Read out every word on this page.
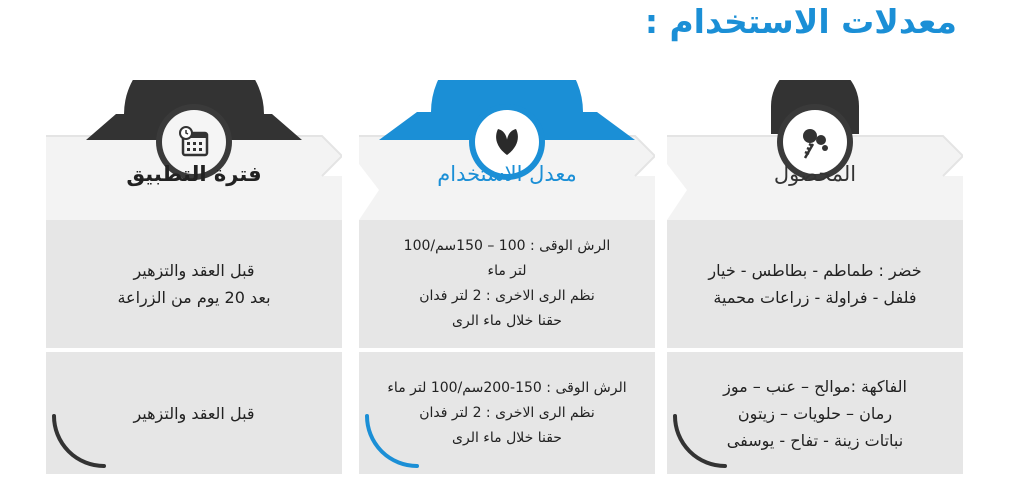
معدلات الاستخدام :
المحصول

خضر : طماطم - بطاطس - خيار
فلفل - فراولة - زراعات محمية

الفاكهة :موالح – عنب – موز
رمان – حلويات – زيتون
نباتات زينة - تفاح - يوسفى

معدل الاستخدام

الرش الوقى : 100 – 150سم/100
لتر ماء
نظم الرى الاخرى : 2 لتر فدان
حقنا خلال ماء الرى

الرش الوقى : 150-200سم/100 لتر ماء
نظم الرى الاخرى : 2 لتر فدان
حقنا خلال ماء الرى

فترة التطبيق

قبل العقد والتزهير
بعد 20 يوم من الزراعة

قبل العقد والتزهير
